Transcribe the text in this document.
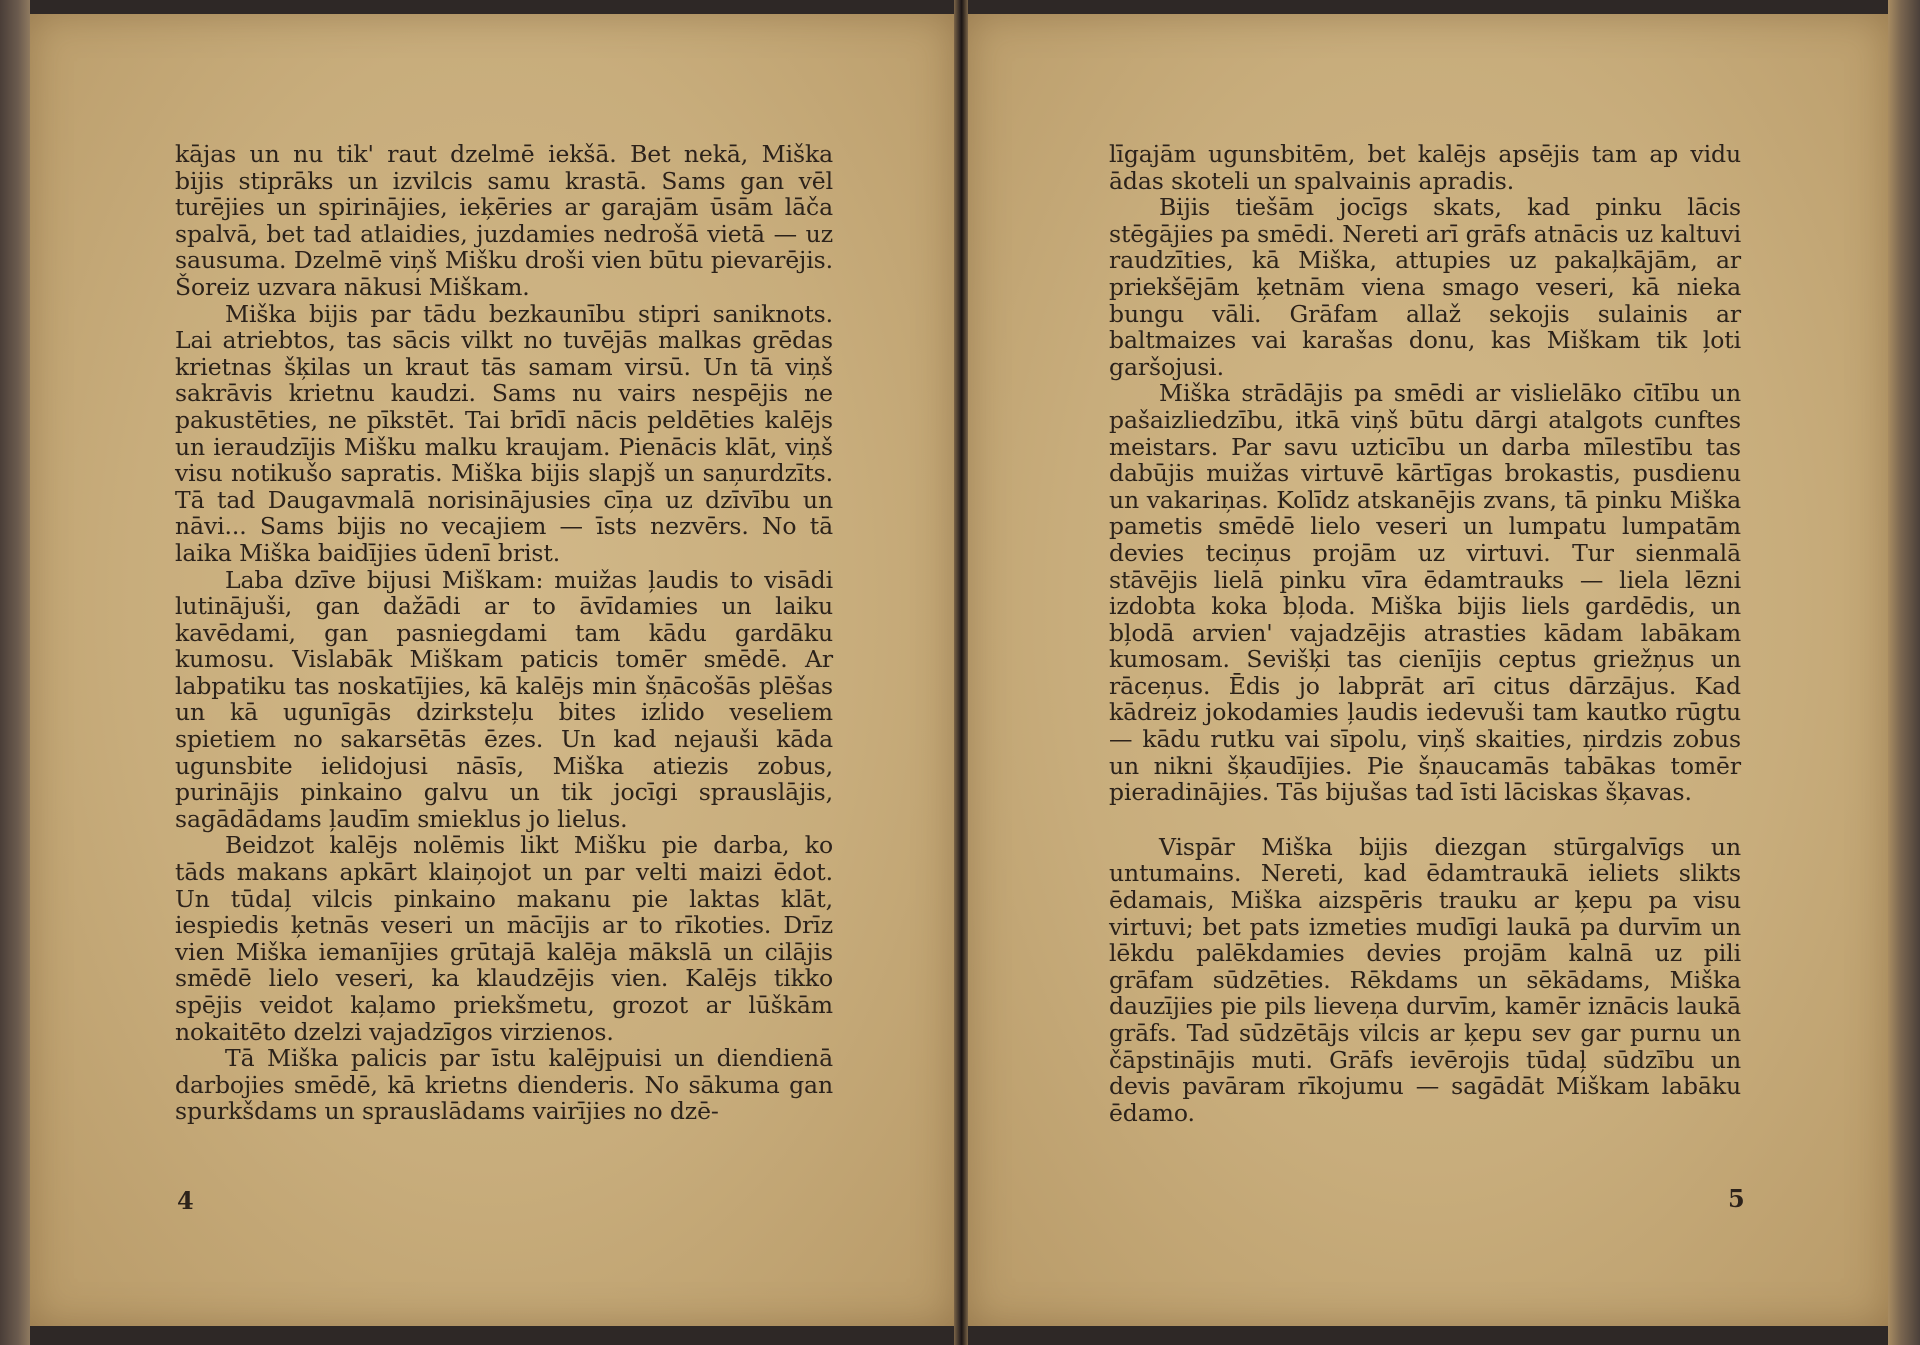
kājas un nu tik' raut dzelmē iekšā. Bet nekā, Miška bijis stiprāks un izvilcis samu krastā. Sams gan vēl turējies un spirinājies, ieķēries ar garajām ūsām lāča spalvā, bet tad atlaidies, juzdamies nedrošā vietā — uz sausuma. Dzelmē viņš Mišku droši vien būtu pievarējis. Šoreiz uzvara nākusi Miškam.

Miška bijis par tādu bezkaunību stipri saniknots. Lai atriebtos, tas sācis vilkt no tuvējās malkas grēdas krietnas šķilas un kraut tās samam virsū. Un tā viņš sakrāvis krietnu kaudzi. Sams nu vairs nespējis ne pakustēties, ne pīkstēt. Tai brīdī nācis peldēties kalējs un ieraudzījis Mišku malku kraujam. Pienācis klāt, viņš visu notikušo sapratis. Miška bijis slapjš un saņurdzīts. Tā tad Daugavmalā norisinājusies cīņa uz dzīvību un nāvi... Sams bijis no vecajiem — īsts nezvērs. No tā laika Miška baidījies ūdenī brist.

Laba dzīve bijusi Miškam: muižas ļaudis to visādi lutinājuši, gan dažādi ar to āvīdamies un laiku kavēdami, gan pasniegdami tam kādu gardāku kumosu. Vislabāk Miškam paticis tomēr smēdē. Ar labpatiku tas noskatījies, kā kalējs min šņācošās plēšas un kā ugunīgās dzirksteļu bites izlido veseliem spietiem no sakarsētās ēzes. Un kad nejauši kāda ugunsbite ielidojusi nāsīs, Miška atiezis zobus, purinājis pinkaino galvu un tik jocīgi sprauslājis, sagādādams ļaudīm smieklus jo lielus.

Beidzot kalējs nolēmis likt Mišku pie darba, ko tāds makans apkārt klaiņojot un par velti maizi ēdot. Un tūdaļ vilcis pinkaino makanu pie laktas klāt, iespiedis ķetnās veseri un mācījis ar to rīkoties. Drīz vien Miška iemanījies grūtajā kalēja mākslā un cilājis smēdē lielo veseri, ka klaudzējis vien. Kalējs tikko spējis veidot kaļamo priekšmetu, grozot ar lūškām nokaitēto dzelzi vajadzīgos virzienos.

Tā Miška palicis par īstu kalējpuisi un diendienā darbojies smēdē, kā krietns dienderis. No sākuma gan spurkšdams un sprauslādams vairījies no dzē-

4

līgajām ugunsbitēm, bet kalējs apsējis tam ap vidu ādas skoteli un spalvainis apradis.

Bijis tiešām jocīgs skats, kad pinku lācis stēgājies pa smēdi. Nereti arī grāfs atnācis uz kaltuvi raudzīties, kā Miška, attupies uz pakaļkājām, ar priekšējām ķetnām viena smago veseri, kā nieka bungu vāli. Grāfam allaž sekojis sulainis ar baltmaizes vai karašas donu, kas Miškam tik ļoti garšojusi.

Miška strādājis pa smēdi ar vislielāko cītību un pašaizliedzību, itkā viņš būtu dārgi atalgots cunftes meistars. Par savu uzticību un darba mīlestību tas dabūjis muižas virtuvē kārtīgas brokastis, pusdienu un vakariņas. Kolīdz atskanējis zvans, tā pinku Miška pametis smēdē lielo veseri un lumpatu lumpatām devies teciņus projām uz virtuvi. Tur sienmalā stāvējis lielā pinku vīra ēdamtrauks — liela lēzni izdobta koka bļoda. Miška bijis liels gardēdis, un bļodā arvien' vajadzējis atrasties kādam labākam kumosam. Sevišķi tas cienījis ceptus griežņus un rāceņus. Ēdis jo labprāt arī citus dārzājus. Kad kādreiz jokodamies ļaudis iedevuši tam kautko rūgtu — kādu rutku vai sīpolu, viņš skaities, ņirdzis zobus un nikni šķaudījies. Pie šņaucamās tabākas tomēr pieradinājies. Tās bijušas tad īsti lāciskas šķavas.

Vispār Miška bijis diezgan stūrgalvīgs un untumains. Nereti, kad ēdamtraukā ieliets slikts ēdamais, Miška aizspēris trauku ar ķepu pa visu virtuvi; bet pats izmeties mudīgi laukā pa durvīm un lēkdu palēkdamies devies projām kalnā uz pili grāfam sūdzēties. Rēkdams un sēkādams, Miška dauzījies pie pils lieveņa durvīm, kamēr iznācis laukā grāfs. Tad sūdzētājs vilcis ar ķepu sev gar purnu un čāpstinājis muti. Grāfs ievērojis tūdaļ sūdzību un devis pavāram rīkojumu — sagādāt Miškam labāku ēdamo.

5
